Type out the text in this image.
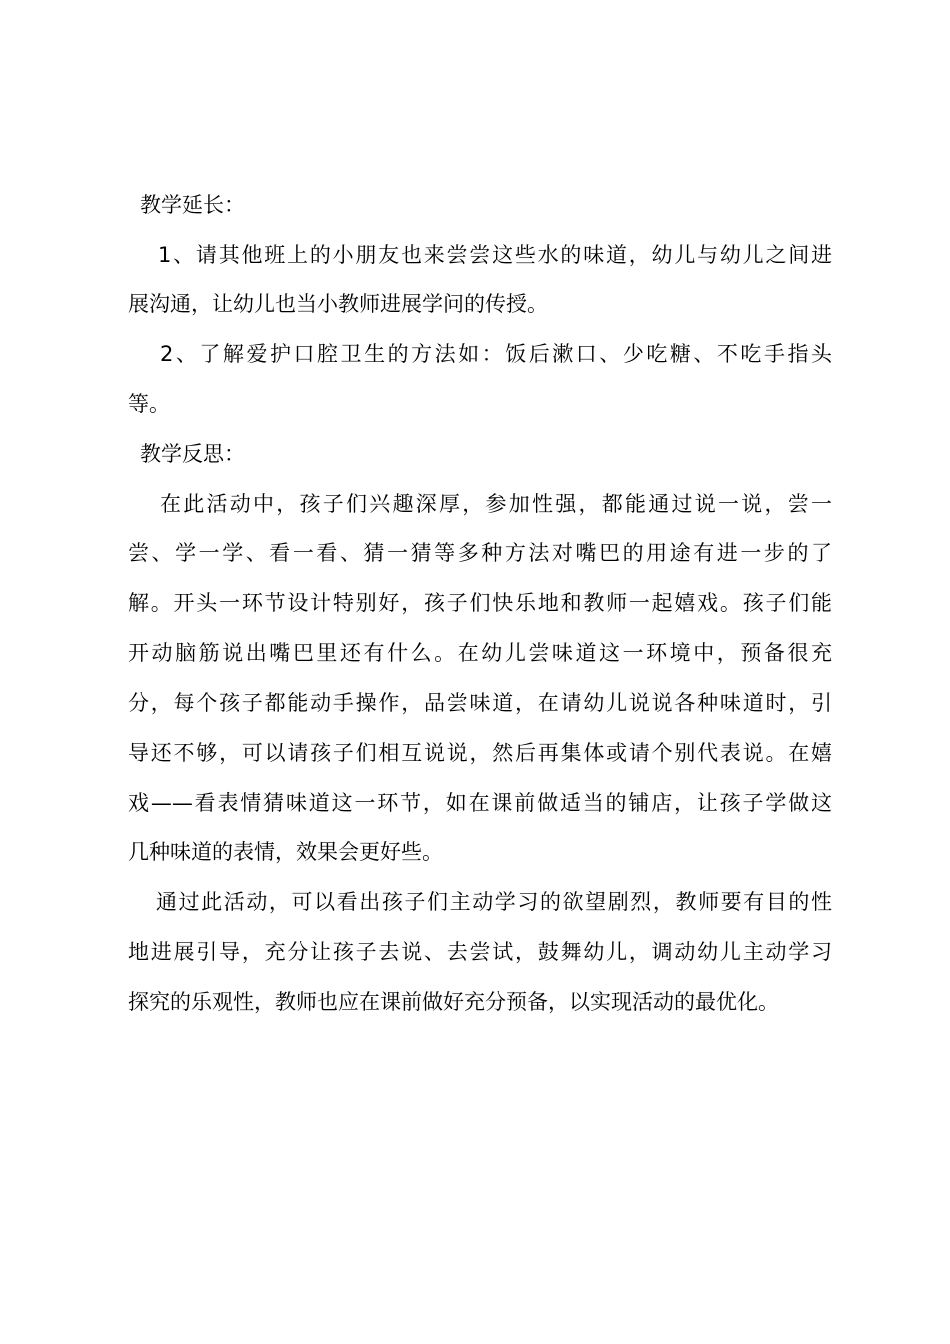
教学延长：
1、请其他班上的小朋友也来尝尝这些水的味道，幼儿与幼儿之间进
展沟通，让幼儿也当小教师进展学问的传授。
2、了解爱护口腔卫生的方法如：饭后漱口、少吃糖、不吃手指头
等。
教学反思：
在此活动中，孩子们兴趣深厚，参加性强，都能通过说一说，尝一
尝、学一学、看一看、猜一猜等多种方法对嘴巴的用途有进一步的了
解。开头一环节设计特别好，孩子们快乐地和教师一起嬉戏。孩子们能
开动脑筋说出嘴巴里还有什么。在幼儿尝味道这一环境中，预备很充
分，每个孩子都能动手操作，品尝味道，在请幼儿说说各种味道时，引
导还不够，可以请孩子们相互说说，然后再集体或请个别代表说。在嬉
戏——看表情猜味道这一环节，如在课前做适当的铺店，让孩子学做这
几种味道的表情，效果会更好些。
通过此活动，可以看出孩子们主动学习的欲望剧烈，教师要有目的性
地进展引导，充分让孩子去说、去尝试，鼓舞幼儿，调动幼儿主动学习
探究的乐观性，教师也应在课前做好充分预备，以实现活动的最优化。
